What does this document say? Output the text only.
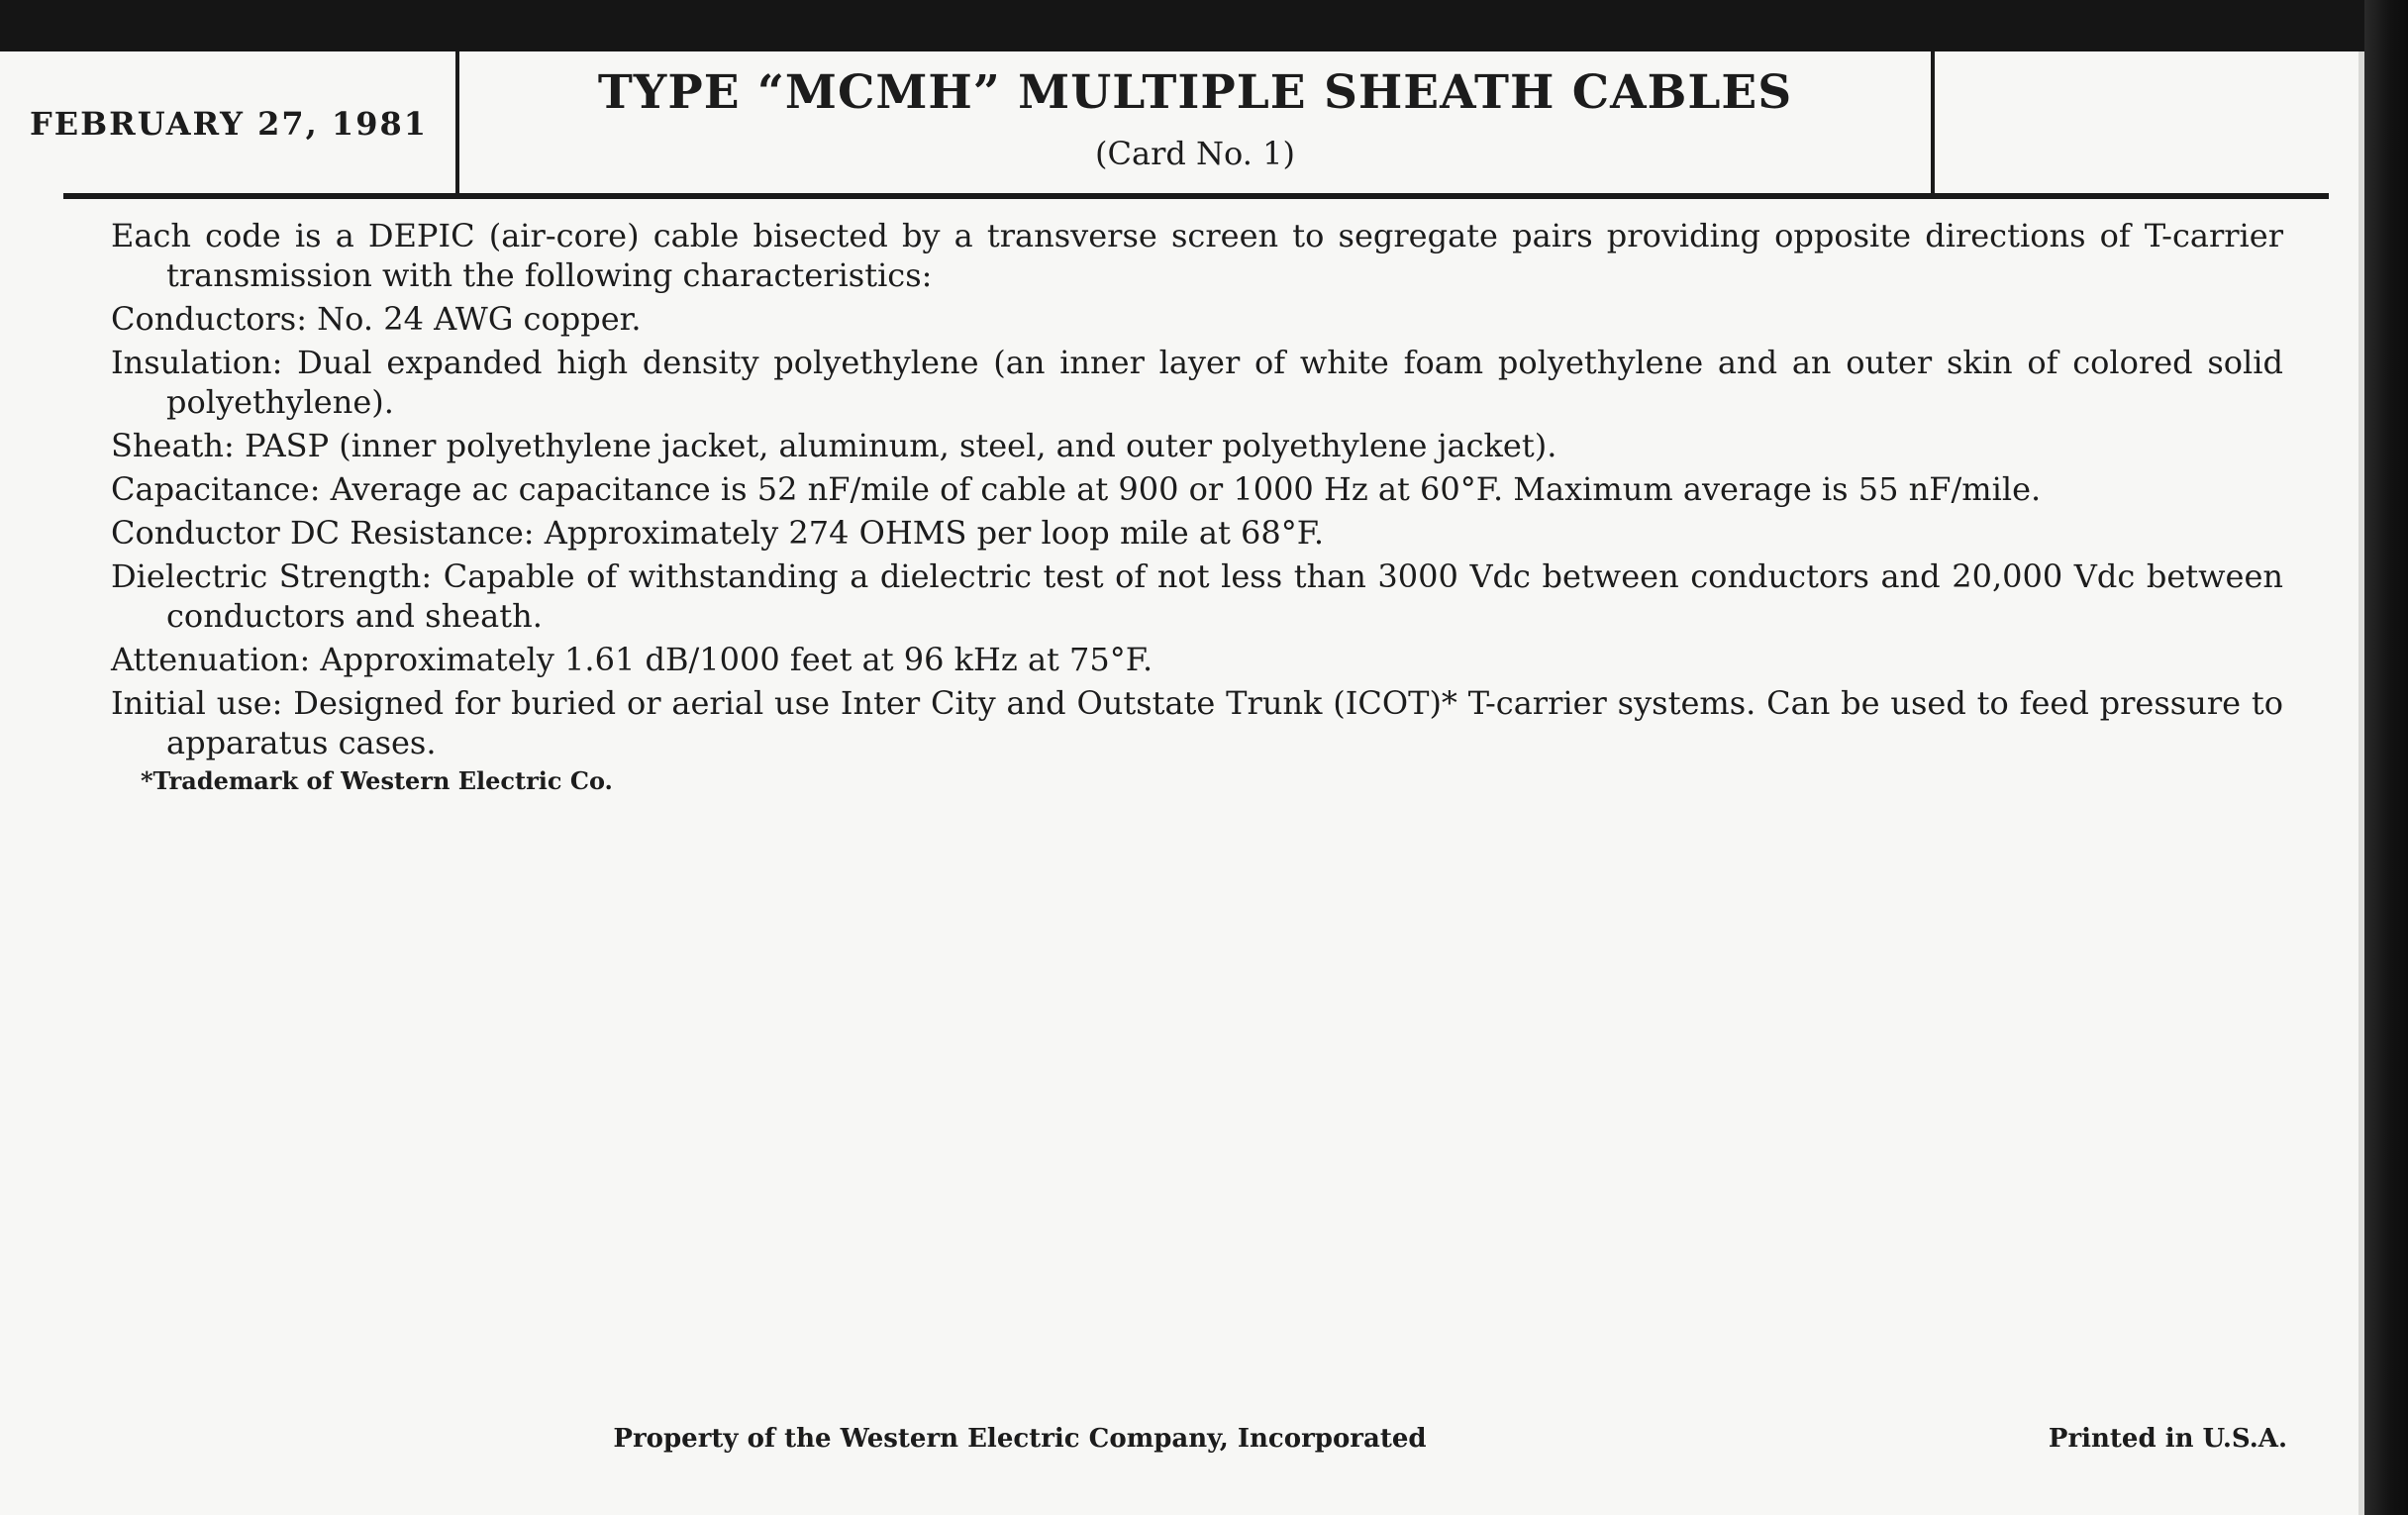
FEBRUARY 27, 1981
TYPE “MCMH” MULTIPLE SHEATH CABLES
(Card No. 1)

Each code is a DEPIC (air-core) cable bisected by a transverse screen to segregate pairs providing opposite directions of T-carrier transmission with the following characteristics:

Conductors: No. 24 AWG copper.

Insulation: Dual expanded high density polyethylene (an inner layer of white foam polyethylene and an outer skin of colored solid polyethylene).

Sheath: PASP (inner polyethylene jacket, aluminum, steel, and outer polyethylene jacket).

Capacitance: Average ac capacitance is 52 nF/mile of cable at 900 or 1000 Hz at 60°F. Maximum average is 55 nF/mile.

Conductor DC Resistance: Approximately 274 OHMS per loop mile at 68°F.

Dielectric Strength: Capable of withstanding a dielectric test of not less than 3000 Vdc between conductors and 20,000 Vdc between conductors and sheath.

Attenuation: Approximately 1.61 dB/1000 feet at 96 kHz at 75°F.

Initial use: Designed for buried or aerial use Inter City and Outstate Trunk (ICOT)* T-carrier systems. Can be used to feed pressure to apparatus cases.

*Trademark of Western Electric Co.
Property of the Western Electric Company, Incorporated	Printed in U.S.A.
